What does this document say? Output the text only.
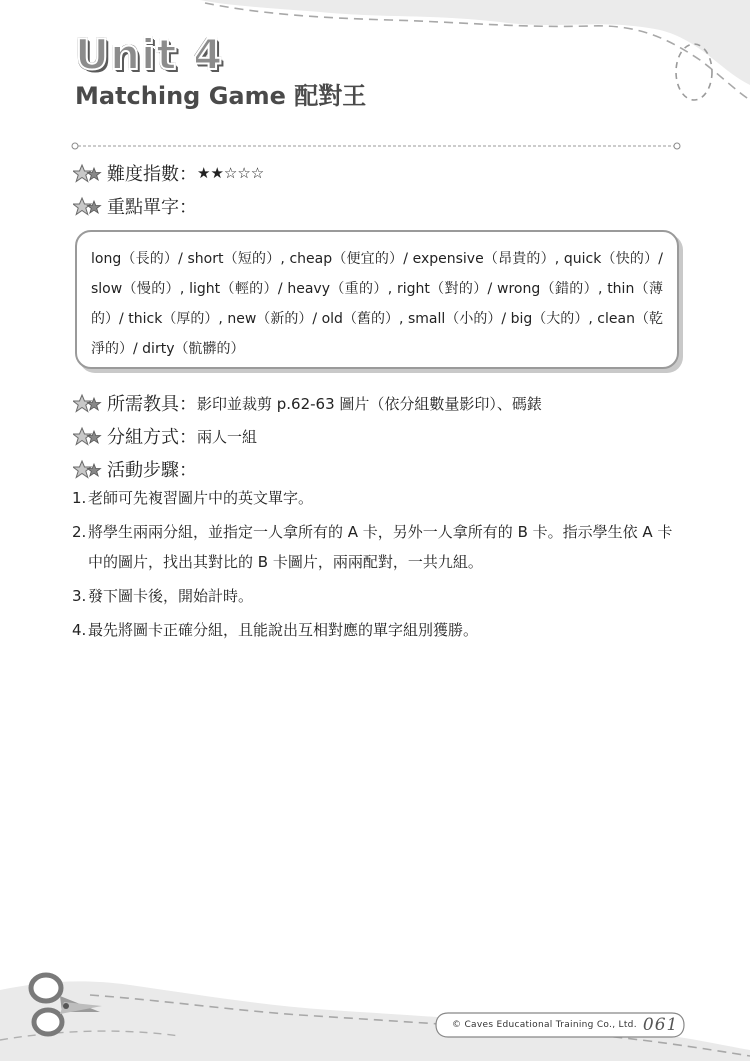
Unit 4
Matching Game 配對王
難度指數： ★★☆☆☆
重點單字：

long（長的）/ short（短的）, cheap（便宜的）/ expensive（昂貴的）, quick（快的）/ slow（慢的）, light（輕的）/ heavy（重的）, right（對的）/ wrong（錯的）, thin（薄的）/ thick（厚的）, new（新的）/ old（舊的）, small（小的）/ big（大的）, clean（乾淨的）/ dirty（骯髒的）

所需教具： 影印並裁剪 p.62-63 圖片（依分組數量影印）、碼錶
分組方式： 兩人一組
活動步驟：
1. 老師可先複習圖片中的英文單字。
2. 將學生兩兩分組，並指定一人拿所有的 A 卡，另外一人拿所有的 B 卡。指示學生依 A 卡中的圖片，找出其對比的 B 卡圖片，兩兩配對，一共九組。
3. 發下圖卡後，開始計時。
4. 最先將圖卡正確分組，且能說出互相對應的單字組別獲勝。
© Caves Educational Training Co., Ltd. 061
